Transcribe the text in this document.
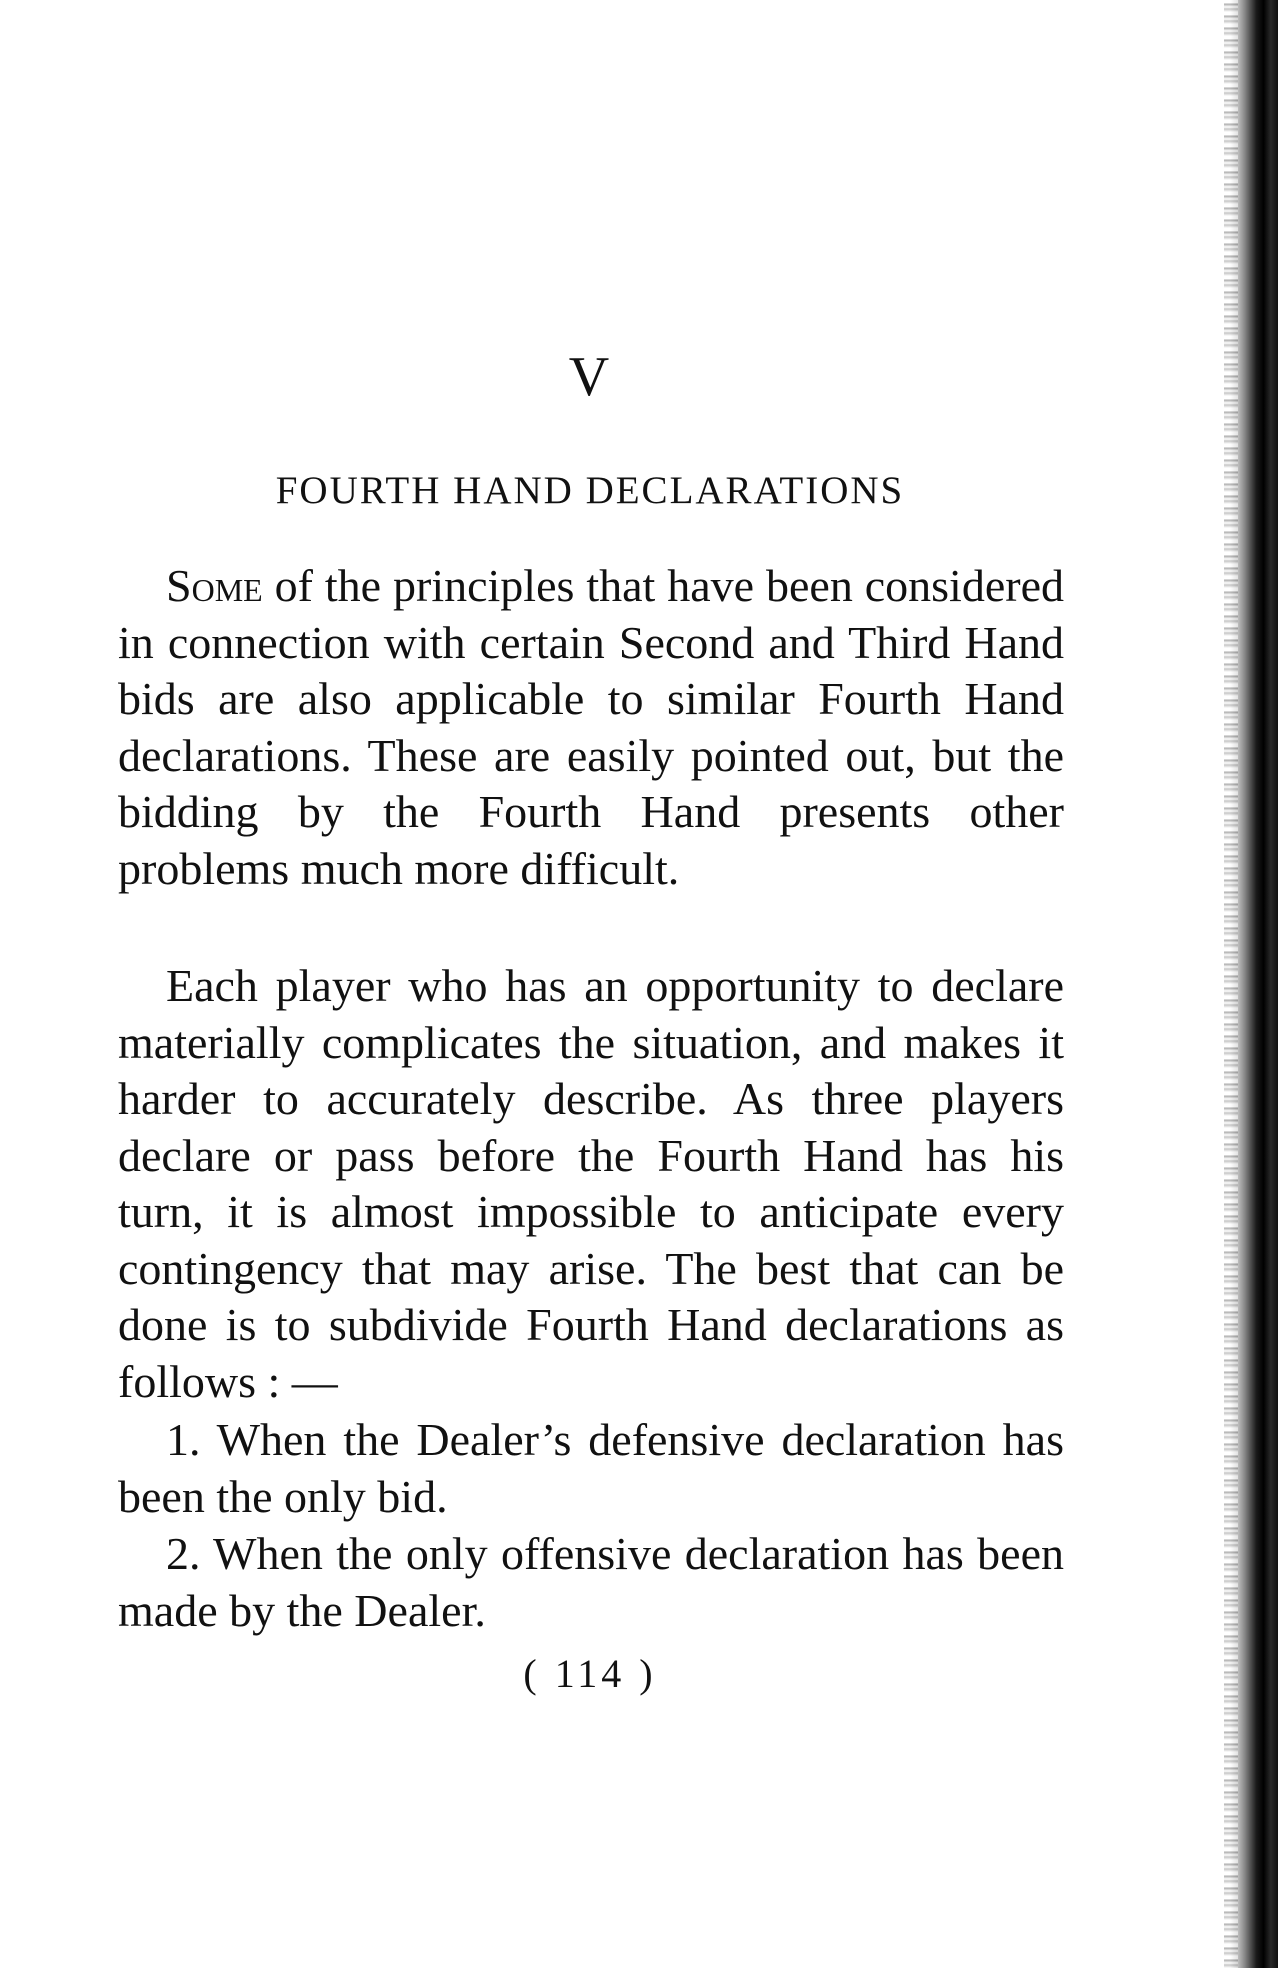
V
FOURTH HAND DECLARATIONS

Some of the principles that have been considered in connection with certain Second and Third Hand bids are also applicable to similar Fourth Hand declarations. These are easily pointed out, but the bidding by the Fourth Hand presents other problems much more difficult.

Each player who has an opportunity to declare materially complicates the situation, and makes it harder to accurately describe. As three players declare or pass before the Fourth Hand has his turn, it is almost impossible to anticipate every contingency that may arise. The best that can be done is to subdivide Fourth Hand declarations as follows : —

1. When the Dealer’s defensive declaration has been the only bid.

2. When the only offensive declaration has been made by the Dealer.

( 114 )
